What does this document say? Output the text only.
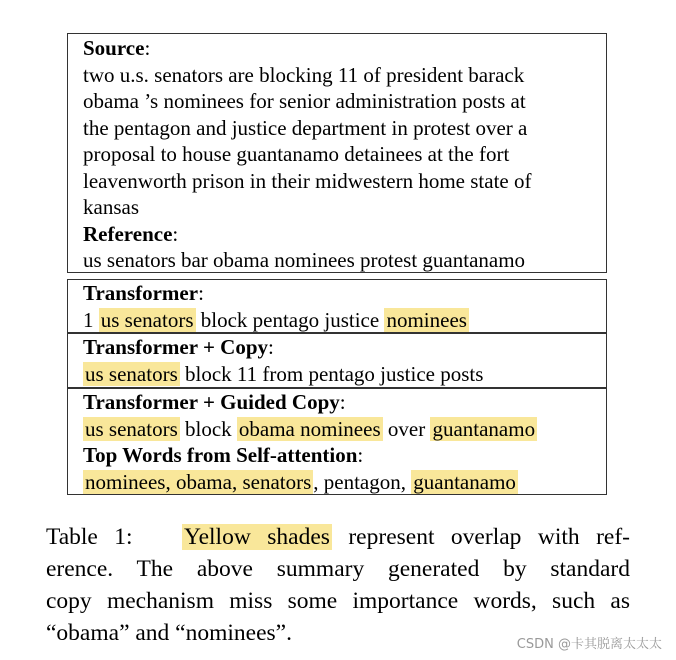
Source:
two u.s. senators are blocking 11 of president barack
obama ’s nominees for senior administration posts at
the pentagon and justice department in protest over a
proposal to house guantanamo detainees at the fort
leavenworth prison in their midwestern home state of
kansas
Reference:
us senators bar obama nominees protest guantanamo
Transformer:
1 us senators block pentago justice nominees
Transformer + Copy:
us senators block 11 from pentago justice posts
Transformer + Guided Copy:
us senators block obama nominees over guantanamo
Top Words from Self-attention:
nominees, obama, senators, pentagon, guantanamo
Table 1: Yellow shades represent overlap with ref-
erence. The above summary generated by standard
copy mechanism miss some importance words, such as
“obama” and “nominees”.	CSDN @卡其脱离太太太
